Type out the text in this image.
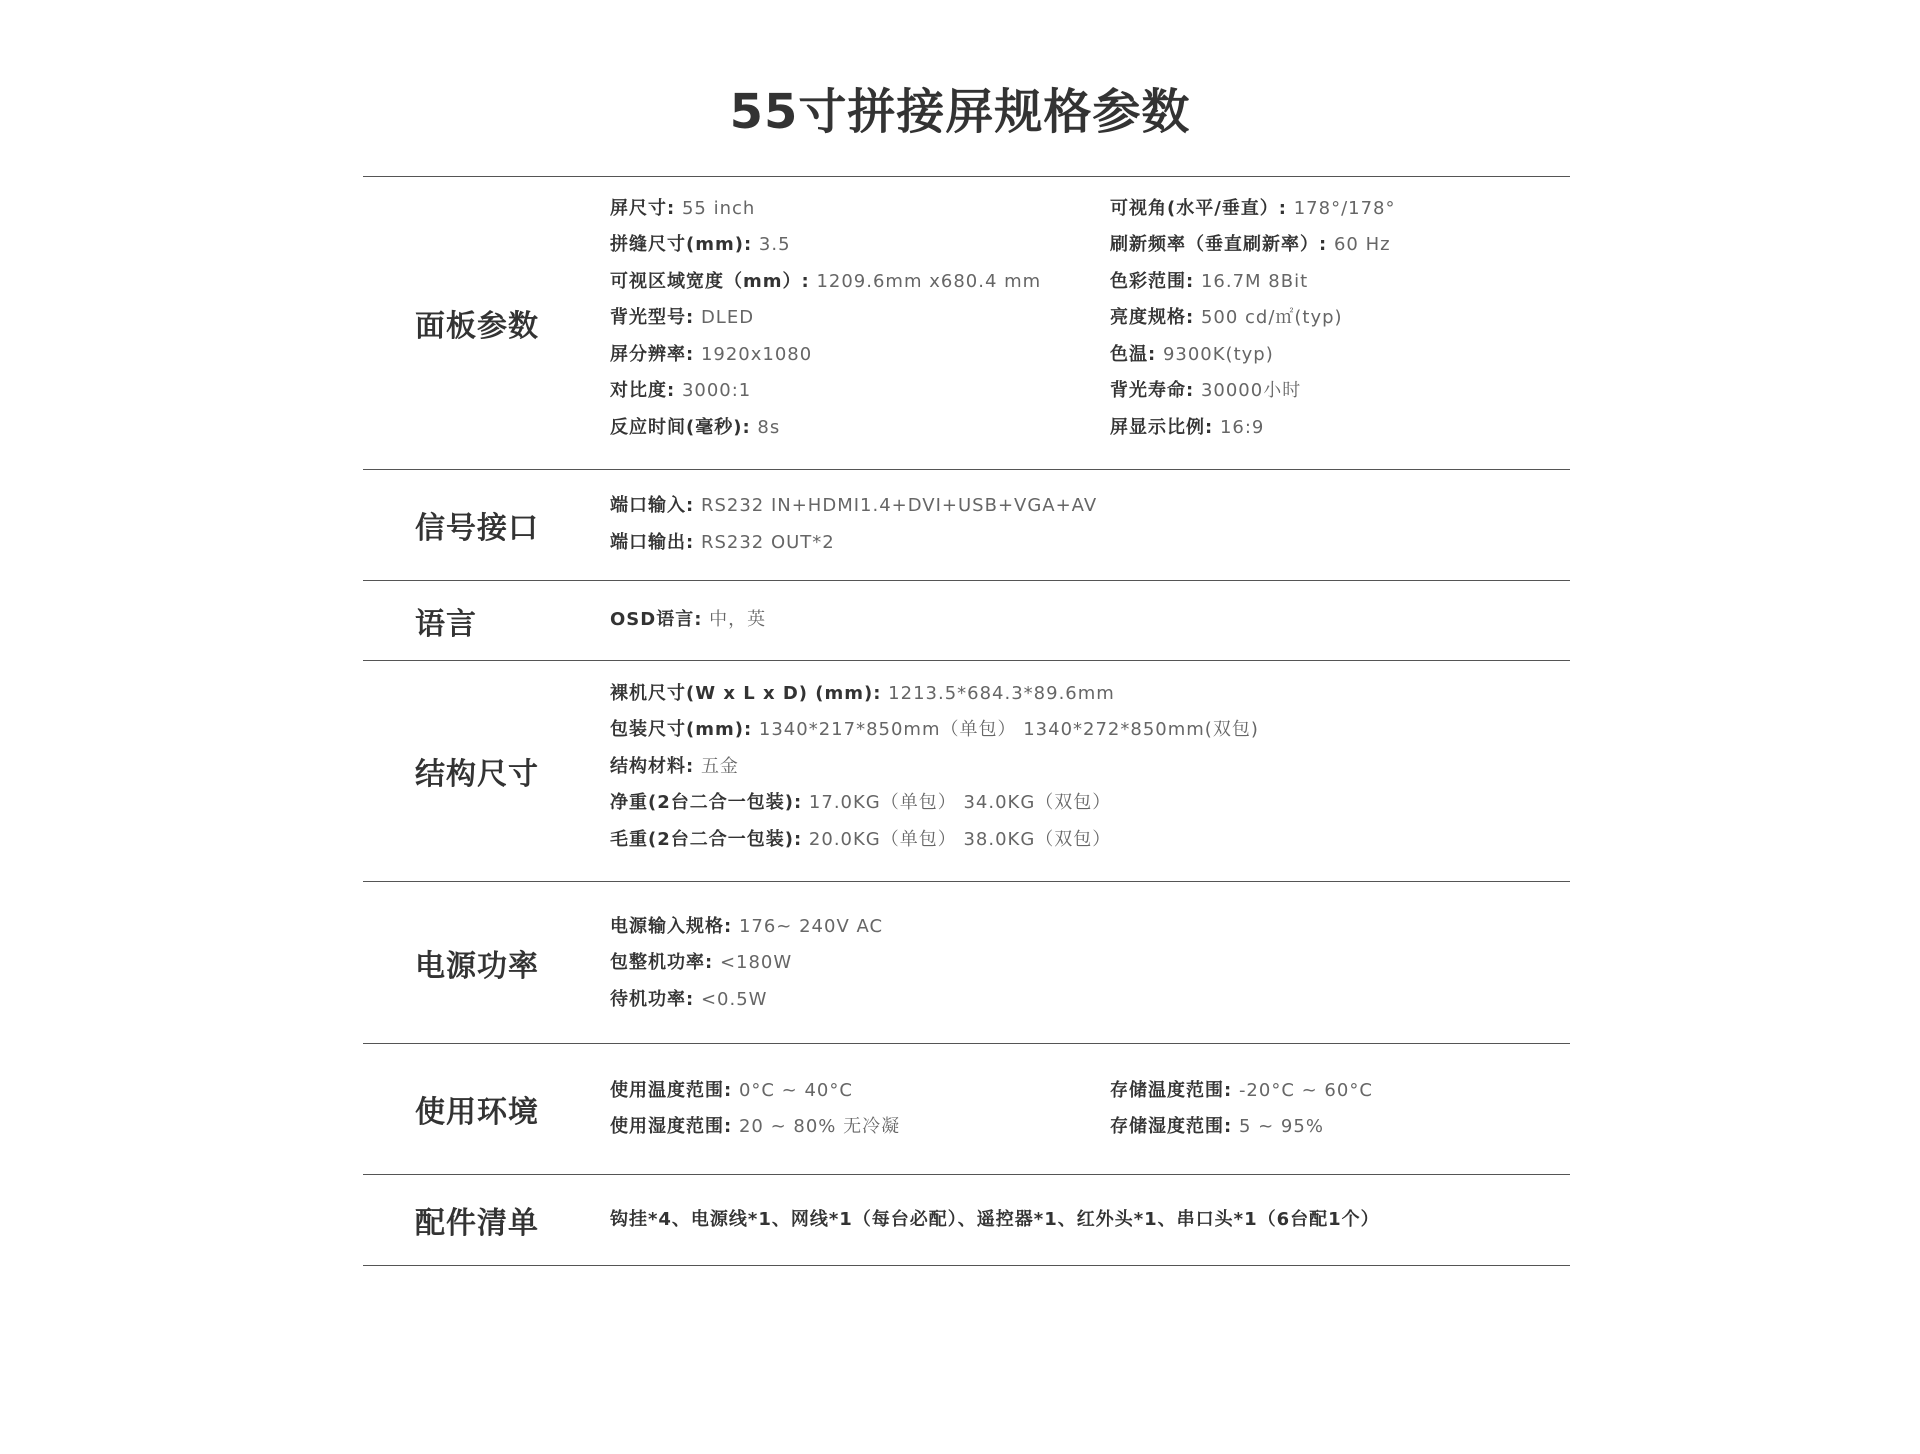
55寸拼接屏规格参数
面板参数
屏尺寸: 55 inch
拼缝尺寸(mm): 3.5
可视区域宽度（mm）: 1209.6mm x680.4 mm
背光型号: DLED
屏分辨率: 1920x1080
对比度: 3000:1
反应时间(毫秒): 8s
可视角(水平/垂直）: 178°/178°
刷新频率（垂直刷新率）: 60 Hz
色彩范围: 16.7M 8Bit
亮度规格: 500 cd/㎡(typ)
色温: 9300K(typ)
背光寿命: 30000小时
屏显示比例: 16:9
信号接口
端口输入: RS232 IN+HDMI1.4+DVI+USB+VGA+AV
端口输出: RS232 OUT*2
语言	OSD语言: 中，英
结构尺寸
裸机尺寸(W x L x D) (mm): 1213.5*684.3*89.6mm
包装尺寸(mm): 1340*217*850mm（单包） 1340*272*850mm(双包)
结构材料: 五金
净重(2台二合一包装): 17.0KG（单包） 34.0KG（双包）
毛重(2台二合一包装): 20.0KG（单包） 38.0KG（双包）
电源功率
电源输入规格: 176~ 240V AC
包整机功率: <180W
待机功率: <0.5W
使用环境
使用温度范围: 0°C ~ 40°C
使用湿度范围: 20 ~ 80% 无冷凝
存储温度范围: -20°C ~ 60°C
存储湿度范围: 5 ~ 95%
配件清单	钩挂*4、电源线*1、网线*1（每台必配）、遥控器*1、红外头*1、串口头*1（6台配1个）
